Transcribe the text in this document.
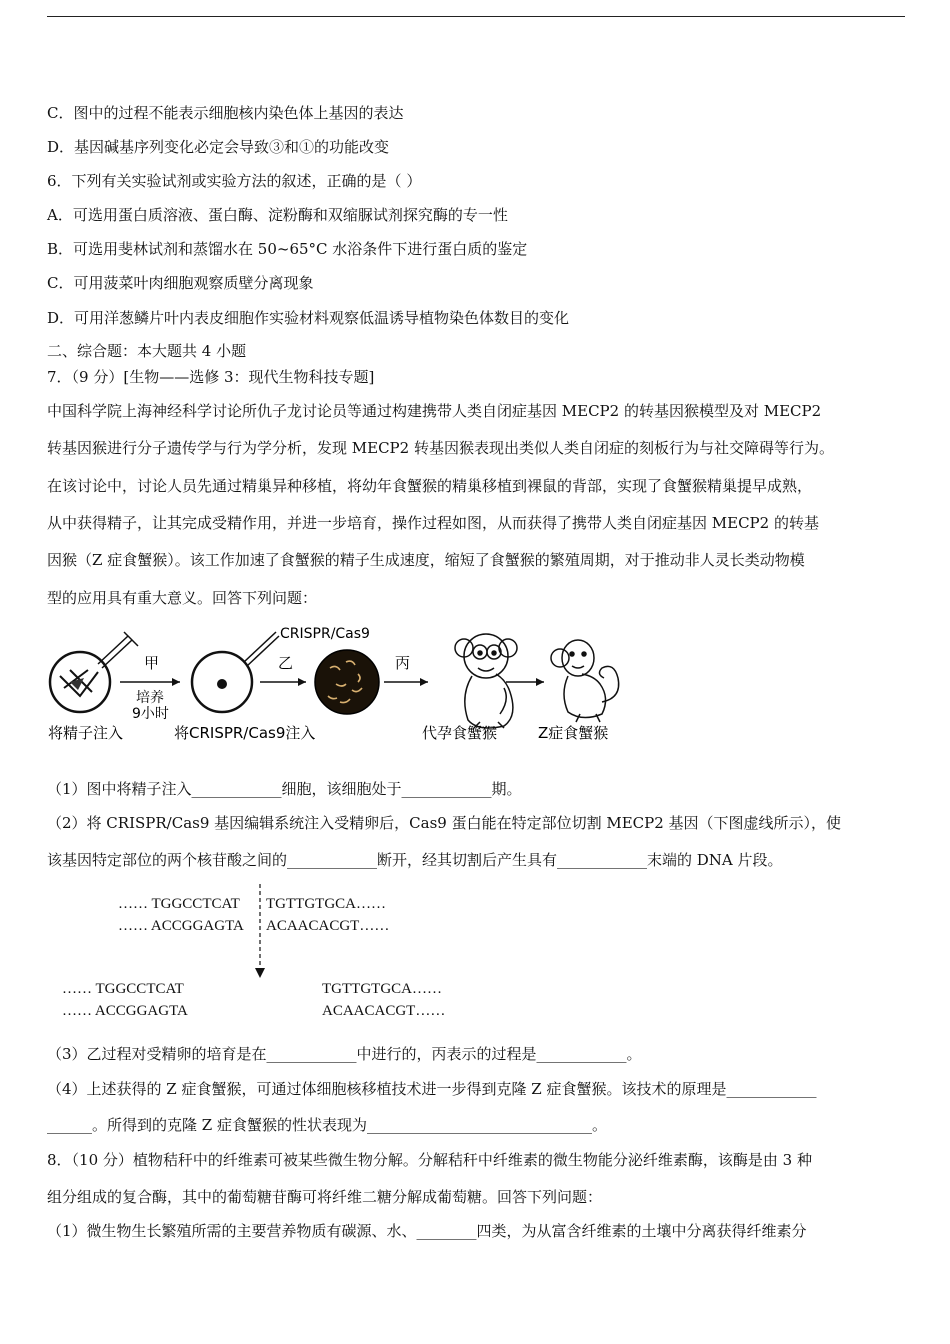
C．图中的过程不能表示细胞核内染色体上基因的表达
D．基因碱基序列变化必定会导致③和①的功能改变
6．下列有关实验试剂或实验方法的叙述，正确的是（ ）
A．可选用蛋白质溶液、蛋白酶、淀粉酶和双缩脲试剂探究酶的专一性
B．可选用斐林试剂和蒸馏水在 50~65°C 水浴条件下进行蛋白质的鉴定
C．可用菠菜叶肉细胞观察质壁分离现象
D．可用洋葱鳞片叶内表皮细胞作实验材料观察低温诱导植物染色体数目的变化
二、综合题：本大题共 4 小题
7．（9 分）[生物——选修 3：现代生物科技专题]
中国科学院上海神经科学讨论所仇子龙讨论员等通过构建携带人类自闭症基因 MECP2 的转基因猴模型及对 MECP2
转基因猴进行分子遗传学与行为学分析，发现 MECP2 转基因猴表现出类似人类自闭症的刻板行为与社交障碍等行为。
在该讨论中，讨论人员先通过精巢异种移植，将幼年食蟹猴的精巢移植到裸鼠的背部，实现了食蟹猴精巢提早成熟，
从中获得精子，让其完成受精作用，并进一步培育，操作过程如图，从而获得了携带人类自闭症基因 MECP2 的转基
因猴（Z 症食蟹猴）。该工作加速了食蟹猴的精子生成速度，缩短了食蟹猴的繁殖周期，对于推动非人灵长类动物模
型的应用具有重大意义。回答下列问题：
甲
培养
9小时
CRISPR/Cas9
乙	丙
将精子注入	将CRISPR/Cas9注入	代孕食蟹猴	Z症食蟹猴
（1）图中将精子注入____________细胞，该细胞处于____________期。
（2）将 CRISPR/Cas9 基因编辑系统注入受精卵后，Cas9 蛋白能在特定部位切割 MECP2 基因（下图虚线所示），使
该基因特定部位的两个核苷酸之间的____________断开，经其切割后产生具有____________末端的 DNA 片段。
…… TGGCCTCAT TGTTGTGCA……
…… ACCGGAGTA ACAACACGT……
…… TGGCCTCAT
…… ACCGGAGTA
TGTTGTGCA……
ACAACACGT……
（3）乙过程对受精卵的培育是在____________中进行的，丙表示的过程是____________。
（4）上述获得的 Z 症食蟹猴，可通过体细胞核移植技术进一步得到克隆 Z 症食蟹猴。该技术的原理是____________
______。所得到的克隆 Z 症食蟹猴的性状表现为______________________________。
8．（10 分）植物秸秆中的纤维素可被某些微生物分解。分解秸秆中纤维素的微生物能分泌纤维素酶，该酶是由 3 种
组分组成的复合酶，其中的葡萄糖苷酶可将纤维二糖分解成葡萄糖。回答下列问题：
（1）微生物生长繁殖所需的主要营养物质有碳源、水、________四类，为从富含纤维素的土壤中分离获得纤维素分
